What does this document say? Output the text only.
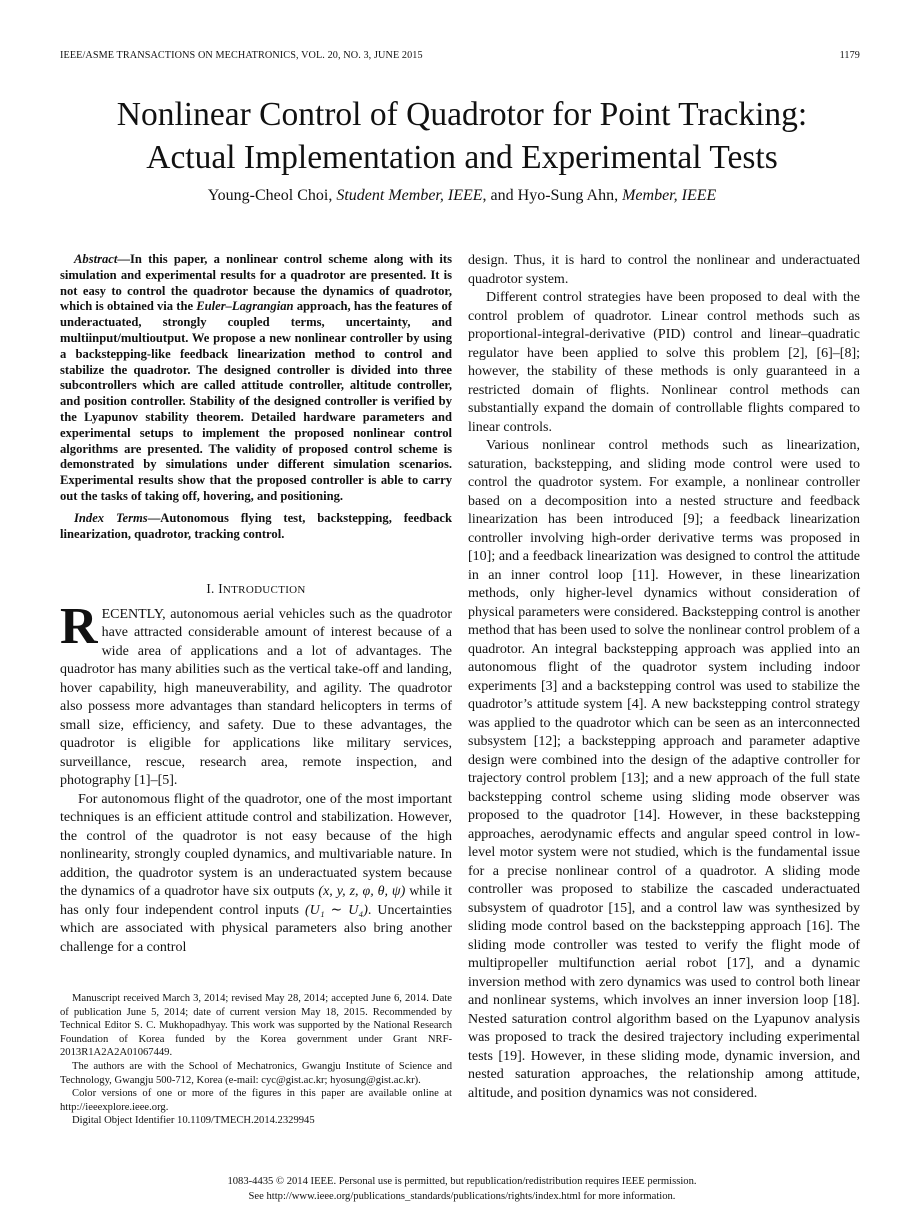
IEEE/ASME TRANSACTIONS ON MECHATRONICS, VOL. 20, NO. 3, JUNE 2015	1179
Nonlinear Control of Quadrotor for Point Tracking:
Actual Implementation and Experimental Tests
Young-Cheol Choi, Student Member, IEEE, and Hyo-Sung Ahn, Member, IEEE

Abstract—In this paper, a nonlinear control scheme along with its simulation and experimental results for a quadrotor are presented. It is not easy to control the quadrotor because the dynamics of quadrotor, which is obtained via the Euler–Lagrangian approach, has the features of underactuated, strongly coupled terms, uncertainty, and multiinput/multioutput. We propose a new nonlinear controller by using a backstepping-like feedback linearization method to control and stabilize the quadrotor. The designed controller is divided into three subcontrollers which are called attitude controller, altitude controller, and position controller. Stability of the designed controller is verified by the Lyapunov stability theorem. Detailed hardware parameters and experimental setups to implement the proposed nonlinear control algorithms are presented. The validity of proposed control scheme is demonstrated by simulations under different simulation scenarios. Experimental results show that the proposed controller is able to carry out the tasks of taking off, hovering, and positioning.

Index Terms—Autonomous flying test, backstepping, feedback linearization, quadrotor, tracking control.

I. INTRODUCTION

RECENTLY, autonomous aerial vehicles such as the quadrotor have attracted considerable amount of interest because of a wide area of applications and a lot of advantages. The quadrotor has many abilities such as the vertical take-off and landing, hover capability, high maneuverability, and agility. The quadrotor also possess more advantages than standard helicopters in terms of small size, efficiency, and safety. Due to these advantages, the quadrotor is eligible for applications like military services, surveillance, rescue, research area, remote inspection, and photography [1]–[5].

For autonomous flight of the quadrotor, one of the most important techniques is an efficient attitude control and stabilization. However, the control of the quadrotor is not easy because of the high nonlinearity, strongly coupled dynamics, and multivariable nature. In addition, the quadrotor system is an underactuated system because the dynamics of a quadrotor have six outputs (x, y, z, φ, θ, ψ) while it has only four independent control inputs (U₁ ∼ U₄). Uncertainties which are associated with physical parameters also bring another challenge for a control

Manuscript received March 3, 2014; revised May 28, 2014; accepted June 6, 2014. Date of publication June 5, 2014; date of current version May 18, 2015. Recommended by Technical Editor S. C. Mukhopadhyay. This work was supported by the National Research Foundation of Korea funded by the Korea government under Grant NRF-2013R1A2A2A01067449.

The authors are with the School of Mechatronics, Gwangju Institute of Science and Technology, Gwangju 500-712, Korea (e-mail: cyc@gist.ac.kr; hyosung@gist.ac.kr).

Color versions of one or more of the figures in this paper are available online at http://ieeexplore.ieee.org.

Digital Object Identifier 10.1109/TMECH.2014.2329945

design. Thus, it is hard to control the nonlinear and underactuated quadrotor system.

Different control strategies have been proposed to deal with the control problem of quadrotor. Linear control methods such as proportional-integral-derivative (PID) control and linear–quadratic regulator have been applied to solve this problem [2], [6]–[8]; however, the stability of these methods is only guaranteed in a restricted domain of flights. Nonlinear control methods can substantially expand the domain of controllable flights compared to linear controls.

Various nonlinear control methods such as linearization, saturation, backstepping, and sliding mode control were used to control the quadrotor system. For example, a nonlinear controller based on a decomposition into a nested structure and feedback linearization has been introduced [9]; a feedback linearization controller involving high-order derivative terms was proposed in [10]; and a feedback linearization was designed to control the attitude in an inner control loop [11]. However, in these linearization methods, only higher-level dynamics without consideration of physical parameters were considered. Backstepping control is another method that has been used to solve the nonlinear control problem of a quadrotor. An integral backstepping approach was applied into an autonomous flight of the quadrotor system including indoor experiments [3] and a backstepping control was used to stabilize the quadrotor’s attitude system [4]. A new backstepping control strategy was applied to the quadrotor which can be seen as an interconnected subsystem [12]; a backstepping approach and parameter adaptive design were combined into the design of the adaptive controller for trajectory control problem [13]; and a new approach of the full state backstepping control scheme using sliding mode observer was proposed to the quadrotor [14]. However, in these backstepping approaches, aerodynamic effects and angular speed control in low-level motor system were not studied, which is the fundamental issue for a precise nonlinear control of a quadrotor. A sliding mode controller was proposed to stabilize the cascaded underactuated subsystem of quadrotor [15], and a control law was synthesized by sliding mode control based on the backstepping approach [16]. The sliding mode controller was tested to verify the flight mode of multipropeller multifunction aerial robot [17], and a dynamic inversion method with zero dynamics was used to control both linear and nonlinear systems, which involves an inner inversion loop [18]. Nested saturation control algorithm based on the Lyapunov analysis was proposed to track the desired trajectory including experimental tests [19]. However, in these sliding mode, dynamic inversion, and nested saturation approaches, the relationship among attitude, altitude, and position dynamics was not considered.

1083-4435 © 2014 IEEE. Personal use is permitted, but republication/redistribution requires IEEE permission.
See http://www.ieee.org/publications_standards/publications/rights/index.html for more information.
